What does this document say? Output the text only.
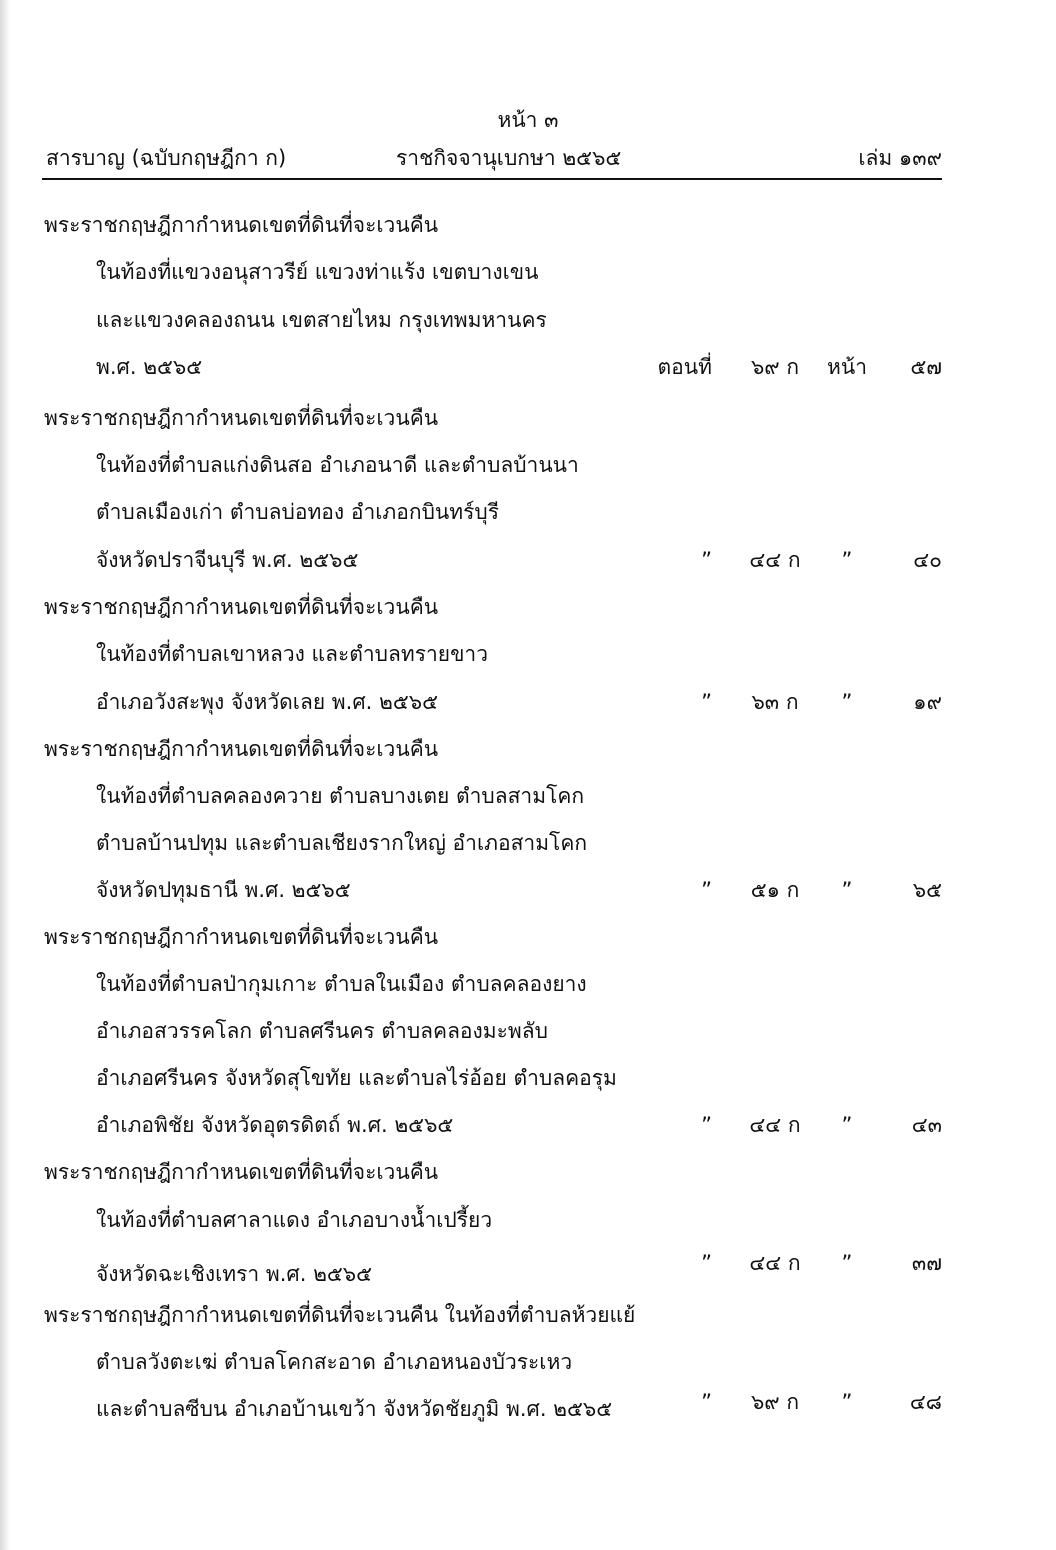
หน้า ๓
สารบาญ (ฉบับกฤษฎีกา ก)	ราชกิจจานุเบกษา ๒๕๖๕	เล่ม ๑๓๙
พระราชกฤษฎีกากำหนดเขตที่ดินที่จะเวนคืน
ในท้องที่แขวงอนุสาวรีย์ แขวงท่าแร้ง เขตบางเขน
และแขวงคลองถนน เขตสายไหม กรุงเทพมหานคร
พ.ศ. ๒๕๖๕	ตอนที่	๖๙ ก	หน้า	๕๗
พระราชกฤษฎีกากำหนดเขตที่ดินที่จะเวนคืน
ในท้องที่ตำบลแก่งดินสอ อำเภอนาดี และตำบลบ้านนา
ตำบลเมืองเก่า ตำบลบ่อทอง อำเภอกบินทร์บุรี
จังหวัดปราจีนบุรี พ.ศ. ๒๕๖๕	”	๔๔ ก	”	๔๐
พระราชกฤษฎีกากำหนดเขตที่ดินที่จะเวนคืน
ในท้องที่ตำบลเขาหลวง และตำบลทรายขาว
อำเภอวังสะพุง จังหวัดเลย พ.ศ. ๒๕๖๕	”	๖๓ ก	”	๑๙
พระราชกฤษฎีกากำหนดเขตที่ดินที่จะเวนคืน
ในท้องที่ตำบลคลองควาย ตำบลบางเตย ตำบลสามโคก
ตำบลบ้านปทุม และตำบลเชียงรากใหญ่ อำเภอสามโคก
จังหวัดปทุมธานี พ.ศ. ๒๕๖๕	”	๕๑ ก	”	๖๕
พระราชกฤษฎีกากำหนดเขตที่ดินที่จะเวนคืน
ในท้องที่ตำบลป่ากุมเกาะ ตำบลในเมือง ตำบลคลองยาง
อำเภอสวรรคโลก ตำบลศรีนคร ตำบลคลองมะพลับ
อำเภอศรีนคร จังหวัดสุโขทัย และตำบลไร่อ้อย ตำบลคอรุม
อำเภอพิชัย จังหวัดอุตรดิตถ์ พ.ศ. ๒๕๖๕	”	๔๔ ก	”	๔๓
พระราชกฤษฎีกากำหนดเขตที่ดินที่จะเวนคืน
ในท้องที่ตำบลศาลาแดง อำเภอบางน้ำเปรี้ยว
จังหวัดฉะเชิงเทรา พ.ศ. ๒๕๖๕	”	๔๔ ก	”	๓๗
พระราชกฤษฎีกากำหนดเขตที่ดินที่จะเวนคืน ในท้องที่ตำบลห้วยแย้
ตำบลวังตะเฆ่ ตำบลโคกสะอาด อำเภอหนองบัวระเหว
และตำบลซีบน อำเภอบ้านเขว้า จังหวัดชัยภูมิ พ.ศ. ๒๕๖๕	”	๖๙ ก	”	๔๘
